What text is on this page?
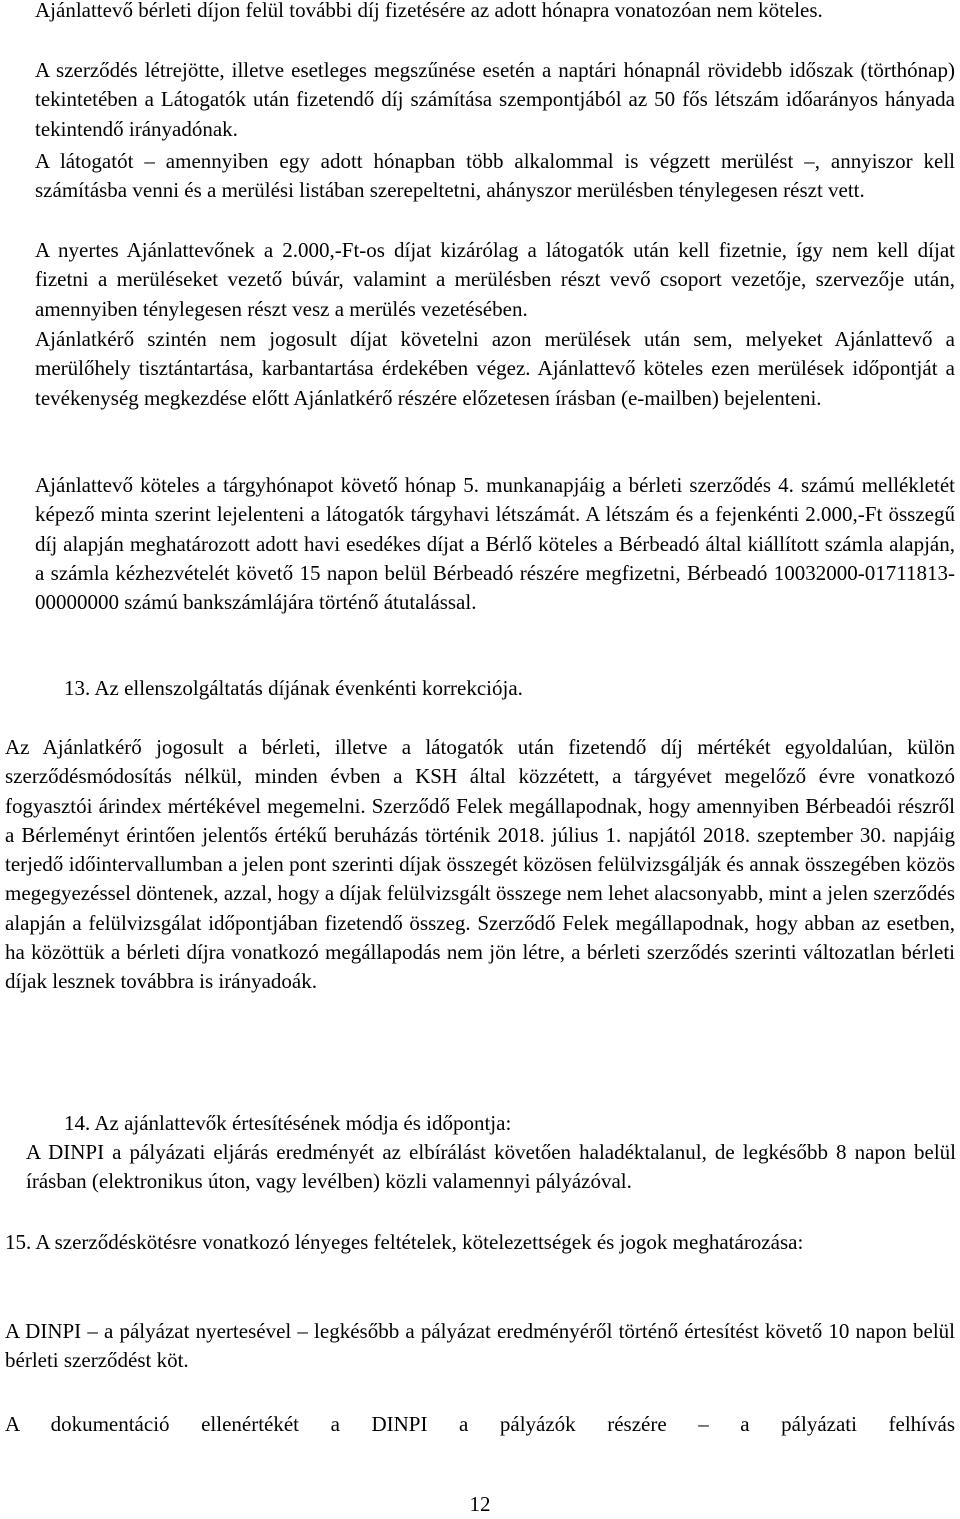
Ajánlattevő bérleti díjon felül további díj fizetésére az adott hónapra vonatozóan nem köteles.

A szerződés létrejötte, illetve esetleges megszűnése esetén a naptári hónapnál rövidebb időszak (törthónap) tekintetében a Látogatók után fizetendő díj számítása szempontjából az 50 fős létszám időarányos hányada tekintendő irányadónak.

A látogatót – amennyiben egy adott hónapban több alkalommal is végzett merülést –, annyiszor kell számításba venni és a merülési listában szerepeltetni, ahányszor merülésben ténylegesen részt vett.

A nyertes Ajánlattevőnek a 2.000,-Ft-os díjat kizárólag a látogatók után kell fizetnie, így nem kell díjat fizetni a merüléseket vezető búvár, valamint a merülésben részt vevő csoport vezetője, szervezője után, amennyiben ténylegesen részt vesz a merülés vezetésében.

Ajánlatkérő szintén nem jogosult díjat követelni azon merülések után sem, melyeket Ajánlattevő a merülőhely tisztántartása, karbantartása érdekében végez. Ajánlattevő köteles ezen merülések időpontját a tevékenység megkezdése előtt Ajánlatkérő részére előzetesen írásban (e-mailben) bejelenteni.

Ajánlattevő köteles a tárgyhónapot követő hónap 5. munkanapjáig a bérleti szerződés 4. számú mellékletét képező minta szerint lejelenteni a látogatók tárgyhavi létszámát. A létszám és a fejenkénti 2.000,-Ft összegű díj alapján meghatározott adott havi esedékes díjat a Bérlő köteles a Bérbeadó által kiállított számla alapján, a számla kézhezvételét követő 15 napon belül Bérbeadó részére megfizetni, Bérbeadó 10032000-01711813-00000000 számú bankszámlájára történő átutalással.

13. Az ellenszolgáltatás díjának évenkénti korrekciója.

Az Ajánlatkérő jogosult a bérleti, illetve a látogatók után fizetendő díj mértékét egyoldalúan, külön szerződésmódosítás nélkül, minden évben a KSH által közzétett, a tárgyévet megelőző évre vonatkozó fogyasztói árindex mértékével megemelni. Szerződő Felek megállapodnak, hogy amennyiben Bérbeadói részről a Bérleményt érintően jelentős értékű beruházás történik 2018. július 1. napjától 2018. szeptember 30. napjáig terjedő időintervallumban a jelen pont szerinti díjak összegét közösen felülvizsgálják és annak összegében közös megegyezéssel döntenek, azzal, hogy a díjak felülvizsgált összege nem lehet alacsonyabb, mint a jelen szerződés alapján a felülvizsgálat időpontjában fizetendő összeg. Szerződő Felek megállapodnak, hogy abban az esetben, ha közöttük a bérleti díjra vonatkozó megállapodás nem jön létre, a bérleti szerződés szerinti változatlan bérleti díjak lesznek továbbra is irányadoák.

14. Az ajánlattevők értesítésének módja és időpontja:

A DINPI a pályázati eljárás eredményét az elbírálást követően haladéktalanul, de legkésőbb 8 napon belül írásban (elektronikus úton, vagy levélben) közli valamennyi pályázóval.

15. A szerződéskötésre vonatkozó lényeges feltételek, kötelezettségek és jogok meghatározása:

A DINPI – a pályázat nyertesével – legkésőbb a pályázat eredményéről történő értesítést követő 10 napon belül bérleti szerződést köt.

A dokumentáció ellenértékét a DINPI a pályázók részére – a pályázati felhívás

12
